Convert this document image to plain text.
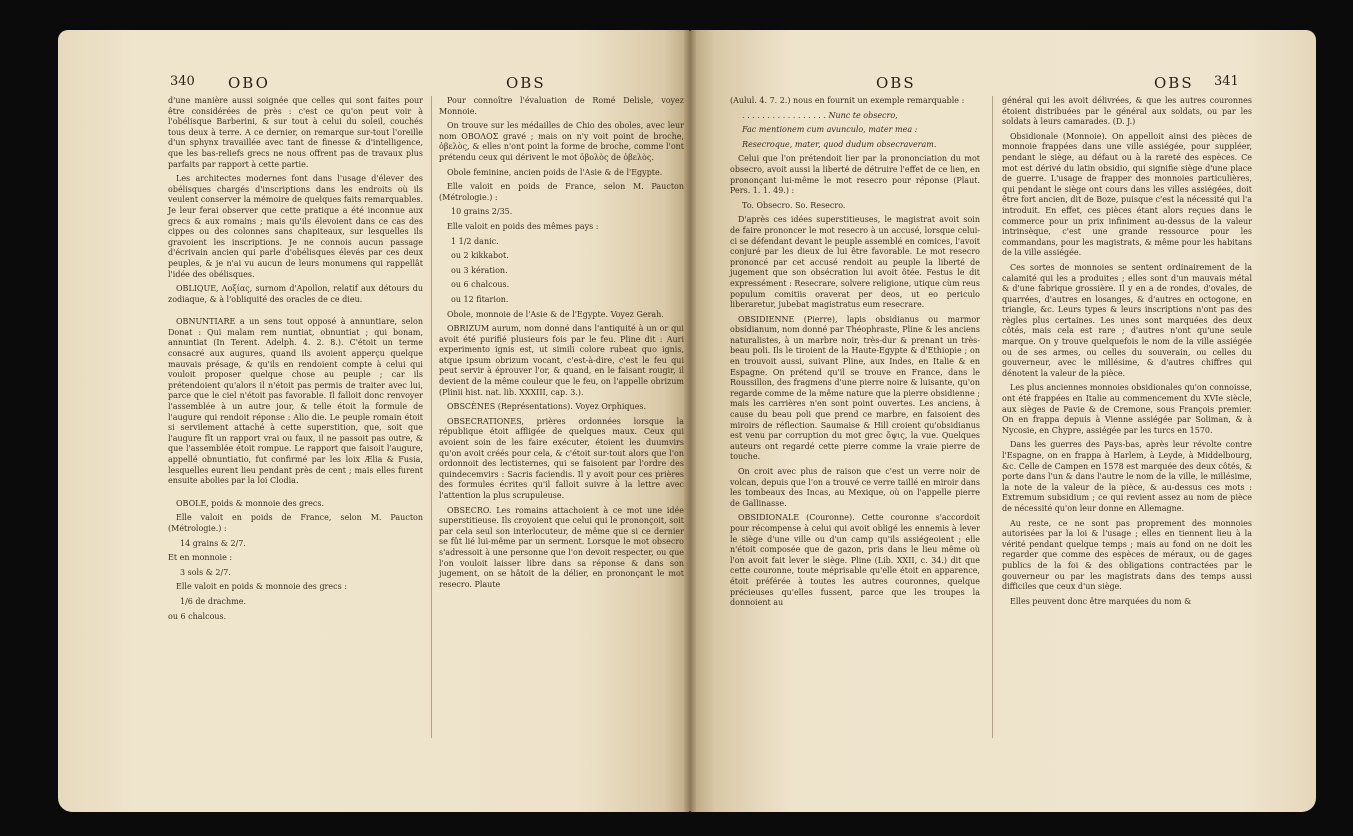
340 OBO	OBS

d'une manière aussi soignée que celles qui sont faites pour être considérées de près : c'est ce qu'on peut voir à l'obélisque Barberini, & sur tout à celui du soleil, couchés tous deux à terre. A ce dernier, on remarque sur-tout l'oreille d'un sphynx travaillée avec tant de finesse & d'intelligence, que les bas-reliefs grecs ne nous offrent pas de travaux plus parfaits par rapport à cette partie.

Les architectes modernes font dans l'usage d'élever des obélisques chargés d'inscriptions dans les endroits où ils veulent conserver la mémoire de quelques faits remarquables. Je leur ferai observer que cette pratique a été inconnue aux grecs & aux romains ; mais qu'ils élevoient dans ce cas des cippes ou des colonnes sans chapiteaux, sur lesquelles ils gravoient les inscriptions. Je ne connois aucun passage d'écrivain ancien qui parle d'obélisques élevés par ces deux peuples, & je n'ai vu aucun de leurs monumens qui rappellât l'idée des obélisques.

OBLIQUE, Λοξίας, surnom d'Apollon, relatif aux détours du zodiaque, & à l'obliquité des oracles de ce dieu.

OBNUNTIARE a un sens tout opposé à annuntiare, selon Donat : Qui malam rem nuntiat, obnuntiat ; qui bonam, annuntiat (In Terent. Adelph. 4. 2. 8.). C'étoit un terme consacré aux augures, quand ils avoient apperçu quelque mauvais présage, & qu'ils en rendoient compte à celui qui vouloit proposer quelque chose au peuple ; car ils prétendoient qu'alors il n'étoit pas permis de traiter avec lui, parce que le ciel n'étoit pas favorable. Il falloit donc renvoyer l'assemblée à un autre jour, & telle étoit la formule de l'augure qui rendoit réponse : Alio die. Le peuple romain étoit si servilement attaché à cette superstition, que, soit que l'augure fît un rapport vrai ou faux, il ne passoit pas outre, & que l'assemblée étoit rompue. Le rapport que faisoit l'augure, appellé obnuntiatio, fut confirmé par les loix Ælia & Fusia, lesquelles eurent lieu pendant près de cent ; mais elles furent ensuite abolies par la loi Clodia.

OBOLE, poids & monnoie des grecs.

Elle valoit en poids de France, selon M. Paucton (Métrologie.) :

14 grains & 2/7.

Et en monnoie :

3 sols & 2/7.

Elle valoit en poids & monnoie des grecs :

1/6 de drachme.

ou 6 chalcous.

Pour connoître l'évaluation de Romé Delisle, voyez Monnoie.

On trouve sur les médailles de Chio des oboles, avec leur nom ΟΒΟΛΟΣ gravé ; mais on n'y voit point de broche, ὀβελὸς, & elles n'ont point la forme de broche, comme l'ont prétendu ceux qui dérivent le mot ὀβολὸς de ὀβελὸς.

Obole feminine, ancien poids de l'Asie & de l'Egypte.

Elle valoit en poids de France, selon M. Paucton (Métrologie.) :

10 grains 2/35.

Elle valoit en poids des mêmes pays :

1 1/2 danic.

ou 2 kikkabot.

ou 3 kération.

ou 6 chalcous.

ou 12 fitarion.

Obole, monnoie de l'Asie & de l'Egypte. Voyez Gerah.

OBRIZUM aurum, nom donné dans l'antiquité à un or qui avoit été purifié plusieurs fois par le feu. Pline dit : Auri experimento ignis est, ut simili colore rubeat quo ignis, atque ipsum obrizum vocant, c'est-à-dire, c'est le feu qui peut servir à éprouver l'or, & quand, en le faisant rougir, il devient de la même couleur que le feu, on l'appelle obrizum (Plinii hist. nat. lib. XXXIII, cap. 3.).

OBSCÈNES (Représentations). Voyez Orphiques.

OBSECRATIONES, prières ordonnées lorsque la république étoit affligée de quelques maux. Ceux qui avoient soin de les faire exécuter, étoient les duumvirs qu'on avoit créés pour cela, & c'étoit sur-tout alors que l'on ordonnoit des lectisternes, qui se faisoient par l'ordre des quindecemvirs : Sacris faciendis. Il y avoit pour ces prières des formules écrites qu'il falloit suivre à la lettre avec l'attention la plus scrupuleuse.

OBSECRO. Les romains attachoient à ce mot une idée superstitieuse. Ils croyoient que celui qui le prononçoit, soit par cela seul son interlocuteur, de même que si ce dernier se fût lié lui-même par un serment. Lorsque le mot obsecro s'adressoit à une personne que l'on devoit respecter, ou que l'on vouloit laisser libre dans sa réponse & dans son jugement, on se hâtoit de la délier, en prononçant le mot resecro. Plaute

OBS	OBS 341

(Aulul. 4. 7. 2.) nous en fournit un exemple remarquable :

. . . . . . . . . . . . . . . . . Nunc te obsecro,

Fac mentionem cum avunculo, mater mea :

Resecroque, mater, quod dudum obsecraveram.

Celui que l'on prétendoit lier par la prononciation du mot obsecro, avoit aussi la liberté de détruire l'effet de ce lien, en prononçant lui-même le mot resecro pour réponse (Plaut. Pers. 1. 1. 49.) :

To. Obsecro. So. Resecro.

D'après ces idées superstitieuses, le magistrat avoit soin de faire prononcer le mot resecro à un accusé, lorsque celui-ci se défendant devant le peuple assemblé en comices, l'avoit conjuré par les dieux de lui être favorable. Le mot resecro prononcé par cet accusé rendoit au peuple la liberté de jugement que son obsécration lui avoit ôtée. Festus le dit expressément : Resecrare, solvere religione, utique cùm reus populum comitiis oraverat per deos, ut eo periculo liberaretur, jubebat magistratus eum resecrare.

OBSIDIENNE (Pierre), lapis obsidianus ou marmor obsidianum, nom donné par Théophraste, Pline & les anciens naturalistes, à un marbre noir, très-dur & prenant un très-beau poli. Ils le tiroient de la Haute-Egypte & d'Ethiopie ; on en trouvoit aussi, suivant Pline, aux Indes, en Italie & en Espagne. On prétend qu'il se trouve en France, dans le Roussillon, des fragmens d'une pierre noire & luisante, qu'on regarde comme de la même nature que la pierre obsidienne ; mais les carrières n'en sont point ouvertes. Les anciens, à cause du beau poli que prend ce marbre, en faisoient des miroirs de réflection. Saumaise & Hill croient qu'obsidianus est venu par corruption du mot grec ὄψις, la vue. Quelques auteurs ont regardé cette pierre comme la vraie pierre de touche.

On croit avec plus de raison que c'est un verre noir de volcan, depuis que l'on a trouvé ce verre taillé en miroir dans les tombeaux des Incas, au Mexique, où on l'appelle pierre de Gallinasse.

OBSIDIONALE (Couronne). Cette couronne s'accordoit pour récompense à celui qui avoit obligé les ennemis à lever le siège d'une ville ou d'un camp qu'ils assiégeoient ; elle n'étoit composée que de gazon, pris dans le lieu même où l'on avoit fait lever le siège. Pline (Lib. XXII, c. 34.) dit que cette couronne, toute méprisable qu'elle étoit en apparence, étoit préférée à toutes les autres couronnes, quelque précieuses qu'elles fussent, parce que les troupes la donnoient au

général qui les avoit délivrées, & que les autres couronnes étoient distribuées par le général aux soldats, ou par les soldats à leurs camarades. (D. J.)

Obsidionale (Monnoie). On appelloit ainsi des pièces de monnoie frappées dans une ville assiégée, pour suppléer, pendant le siège, au défaut ou à la rareté des espèces. Ce mot est dérivé du latin obsidio, qui signifie siège d'une place de guerre. L'usage de frapper des monnoies particulières, qui pendant le siège ont cours dans les villes assiégées, doit être fort ancien, dit de Boze, puisque c'est la nécessité qui l'a introduit. En effet, ces pièces étant alors reçues dans le commerce pour un prix infiniment au-dessus de la valeur intrinsèque, c'est une grande ressource pour les commandans, pour les magistrats, & même pour les habitans de la ville assiégée.

Ces sortes de monnoies se sentent ordinairement de la calamité qui les a produites ; elles sont d'un mauvais métal & d'une fabrique grossière. Il y en a de rondes, d'ovales, de quarrées, d'autres en losanges, & d'autres en octogone, en triangle, &c. Leurs types & leurs inscriptions n'ont pas des règles plus certaines. Les unes sont marquées des deux côtés, mais cela est rare ; d'autres n'ont qu'une seule marque. On y trouve quelquefois le nom de la ville assiégée ou de ses armes, ou celles du souverain, ou celles du gouverneur, avec le millésime, & d'autres chiffres qui dénotent la valeur de la pièce.

Les plus anciennes monnoies obsidionales qu'on connoisse, ont été frappées en Italie au commencement du XVIe siècle, aux sièges de Pavie & de Cremone, sous François premier. On en frappa depuis à Vienne assiégée par Soliman, & à Nycosie, en Chypre, assiégée par les turcs en 1570.

Dans les guerres des Pays-bas, après leur révolte contre l'Espagne, on en frappa à Harlem, à Leyde, à Middelbourg, &c. Celle de Campen en 1578 est marquée des deux côtés, & porte dans l'un & dans l'autre le nom de la ville, le millésime, la note de la valeur de la pièce, & au-dessus ces mots : Extremum subsidium ; ce qui revient assez au nom de pièce de nécessité qu'on leur donne en Allemagne.

Au reste, ce ne sont pas proprement des monnoies autorisées par la loi & l'usage ; elles en tiennent lieu à la vérité pendant quelque temps ; mais au fond on ne doit les regarder que comme des espèces de méraux, ou de gages publics de la foi & des obligations contractées par le gouverneur ou par les magistrats dans des temps aussi difficiles que ceux d'un siège.

Elles peuvent donc être marquées du nom &
